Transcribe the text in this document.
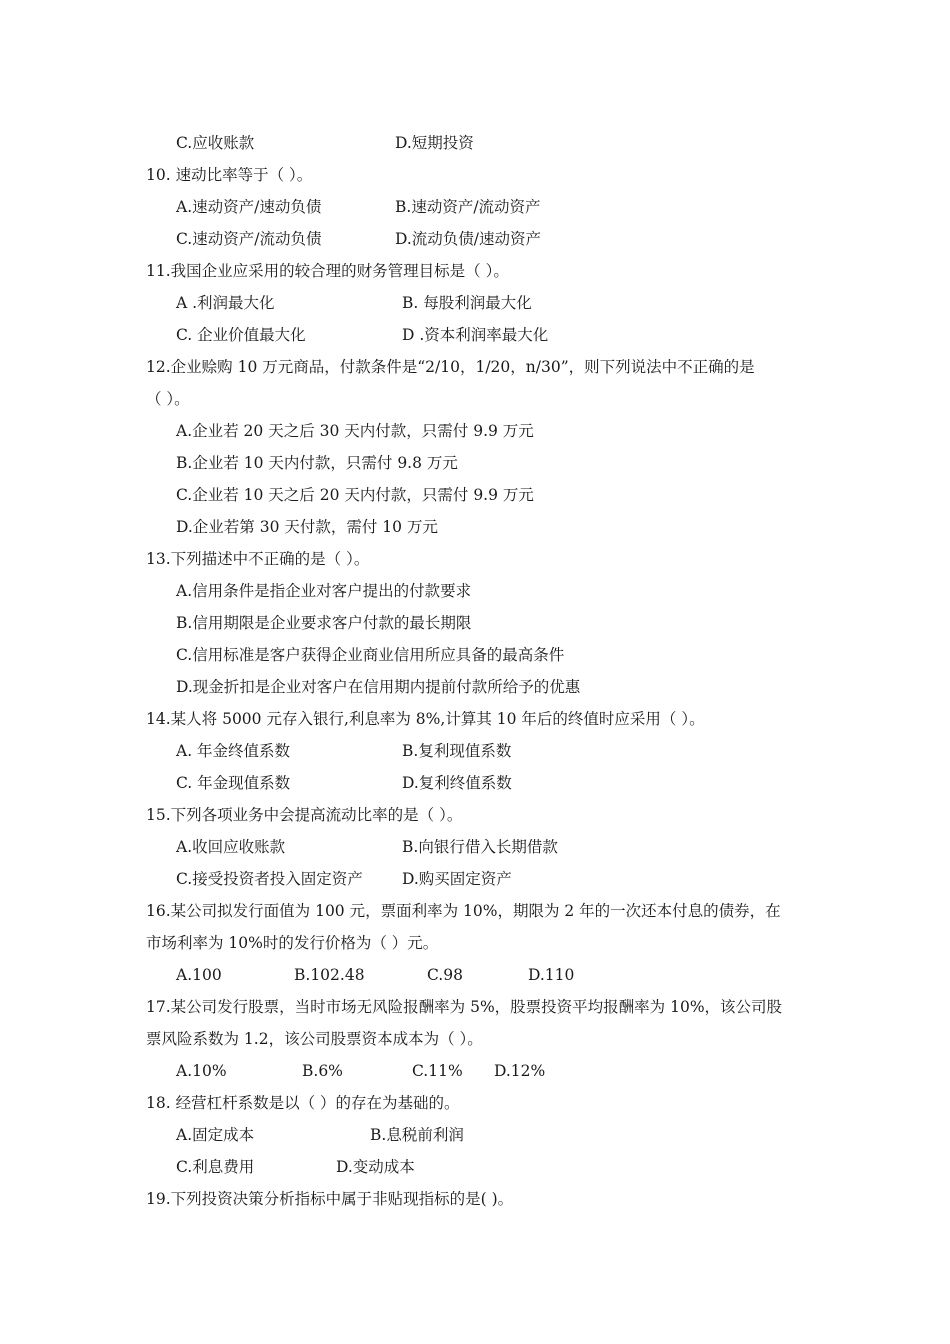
C.应收账款	D.短期投资
10. 速动比率等于（ ）。
A.速动资产/速动负债	B.速动资产/流动资产
C.速动资产/流动负债	D.流动负债/速动资产
11.我国企业应采用的较合理的财务管理目标是（ ）。
A .利润最大化	B. 每股利润最大化
C. 企业价值最大化	D .资本利润率最大化
12.企业赊购 10 万元商品，付款条件是“2/10，1/20，n/30”，则下列说法中不正确的是
（ ）。
A.企业若 20 天之后 30 天内付款，只需付 9.9 万元
B.企业若 10 天内付款，只需付 9.8 万元
C.企业若 10 天之后 20 天内付款，只需付 9.9 万元
D.企业若第 30 天付款，需付 10 万元
13.下列描述中不正确的是（ ）。
A.信用条件是指企业对客户提出的付款要求
B.信用期限是企业要求客户付款的最长期限
C.信用标准是客户获得企业商业信用所应具备的最高条件
D.现金折扣是企业对客户在信用期内提前付款所给予的优惠
14.某人将 5000 元存入银行,利息率为 8%,计算其 10 年后的终值时应采用（ ）。
A. 年金终值系数	B.复利现值系数
C. 年金现值系数	D.复利终值系数
15.下列各项业务中会提高流动比率的是（ ）。
A.收回应收账款	B.向银行借入长期借款
C.接受投资者投入固定资产	D.购买固定资产
16.某公司拟发行面值为 100 元，票面利率为 10%，期限为 2 年的一次还本付息的债券，在
市场利率为 10%时的发行价格为（ ）元。
A.100	B.102.48	C.98	D.110
17.某公司发行股票，当时市场无风险报酬率为 5%，股票投资平均报酬率为 10%，该公司股
票风险系数为 1.2，该公司股票资本成本为（ ）。
A.10%	B.6%	C.11% D.12%
18. 经营杠杆系数是以（ ）的存在为基础的。
A.固定成本	B.息税前利润
C.利息费用	D.变动成本
19.下列投资决策分析指标中属于非贴现指标的是( )。
